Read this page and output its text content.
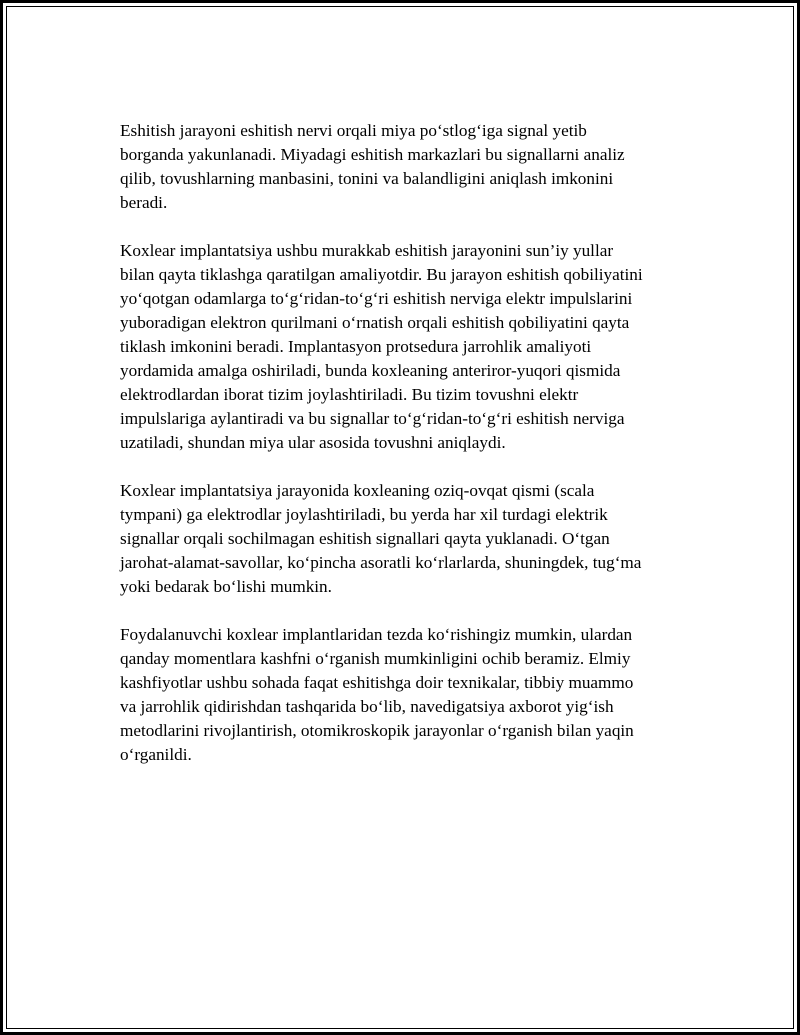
Eshitish jarayoni eshitish nervi orqali miya po‘stlog‘iga signal yetib
borganda yakunlanadi. Miyadagi eshitish markazlari bu signallarni analiz
qilib, tovushlarning manbasini, tonini va balandligini aniqlash imkonini
beradi.

Koxlear implantatsiya ushbu murakkab eshitish jarayonini sun’iy yullar
bilan qayta tiklashga qaratilgan amaliyotdir. Bu jarayon eshitish qobiliyatini
yo‘qotgan odamlarga to‘g‘ridan-to‘g‘ri eshitish nerviga elektr impulslarini
yuboradigan elektron qurilmani o‘rnatish orqali eshitish qobiliyatini qayta
tiklash imkonini beradi. Implantasyon protsedura jarrohlik amaliyoti
yordamida amalga oshiriladi, bunda koxleaning anteriror-yuqori qismida
elektrodlardan iborat tizim joylashtiriladi. Bu tizim tovushni elektr
impulslariga aylantiradi va bu signallar to‘g‘ridan-to‘g‘ri eshitish nerviga
uzatiladi, shundan miya ular asosida tovushni aniqlaydi.

Koxlear implantatsiya jarayonida koxleaning oziq-ovqat qismi (scala
tympani) ga elektrodlar joylashtiriladi, bu yerda har xil turdagi elektrik
signallar orqali sochilmagan eshitish signallari qayta yuklanadi. O‘tgan
jarohat-alamat-savollar, ko‘pincha asoratli ko‘rlarlarda, shuningdek, tug‘ma
yoki bedarak bo‘lishi mumkin.

Foydalanuvchi koxlear implantlaridan tezda ko‘rishingiz mumkin, ulardan
qanday momentlara kashfni o‘rganish mumkinligini ochib beramiz. Elmiy
kashfiyotlar ushbu sohada faqat eshitishga doir texnikalar, tibbiy muammo
va jarrohlik qidirishdan tashqarida bo‘lib, navedigatsiya axborot yig‘ish
metodlarini rivojlantirish, otomikroskopik jarayonlar o‘rganish bilan yaqin
o‘rganildi.
